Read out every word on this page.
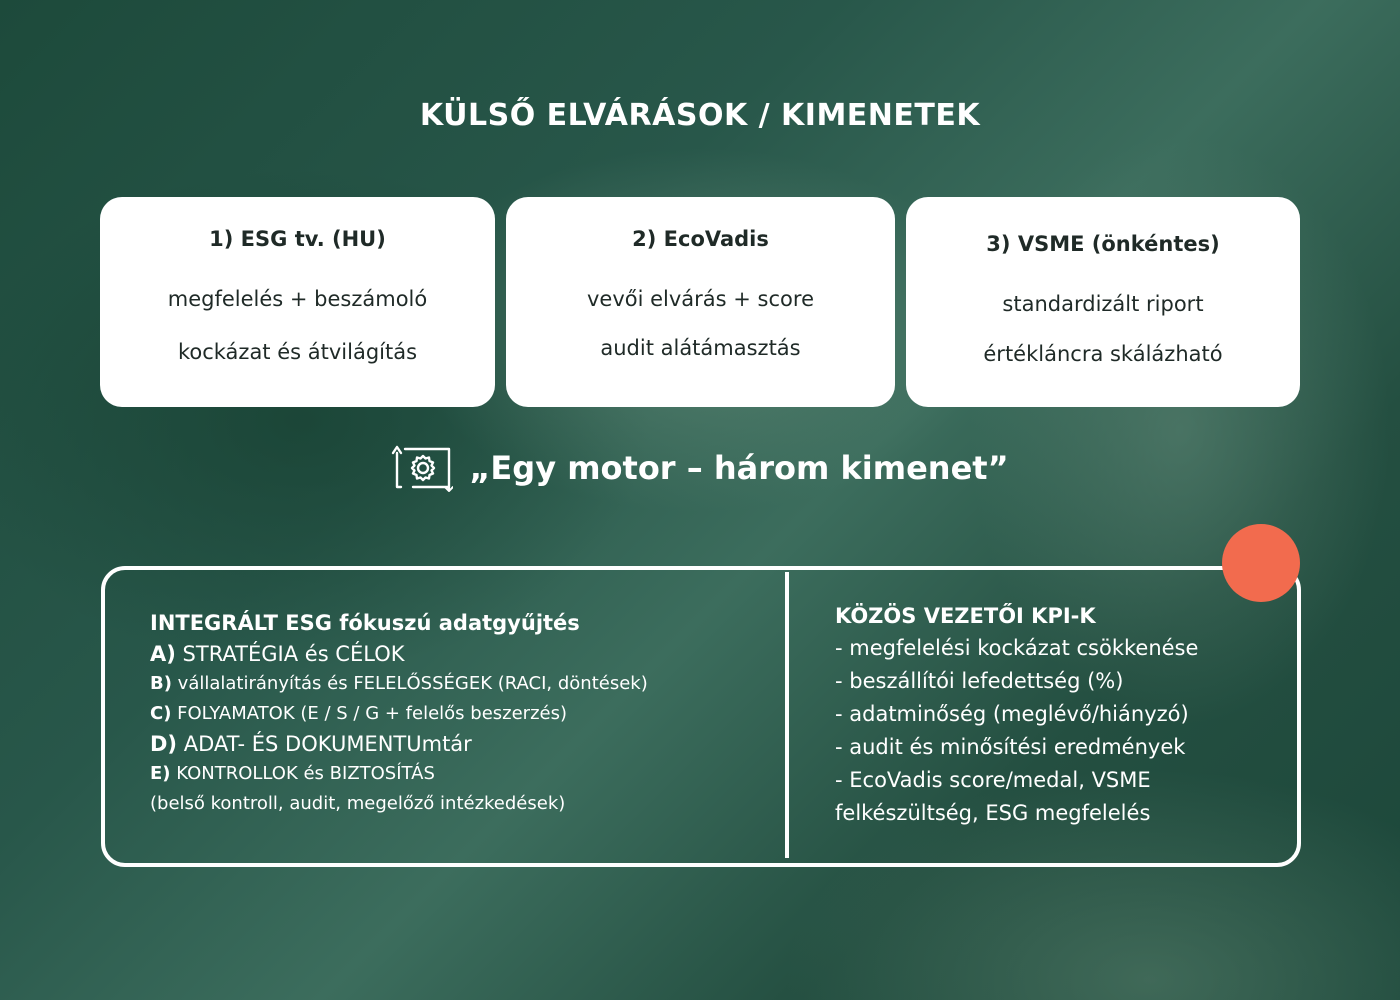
KÜLSŐ ELVÁRÁSOK / KIMENETEK
1) ESG tv. (HU)

megfelelés + beszámoló

kockázat és átvilágítás

2) EcoVadis

vevői elvárás + score

audit alátámasztás

3) VSME (önkéntes)

standardizált riport

értékláncra skálázható

„Egy motor – három kimenet”
INTEGRÁLT ESG fókuszú adatgyűjtés
A) STRATÉGIA és CÉLOK
B) vállalatirányítás és FELELŐSSÉGEK (RACI, döntések)
C) FOLYAMATOK (E / S / G + felelős beszerzés)
D) ADAT- ÉS DOKUMENTUmtár
E) KONTROLLOK és BIZTOSÍTÁS
(belső kontroll, audit, megelőző intézkedések)
KÖZÖS VEZETŐI KPI-K
- megfelelési kockázat csökkenése
- beszállítói lefedettség (%)
- adatminőség (meglévő/hiányzó)
- audit és minősítési eredmények
- EcoVadis score/medal, VSME
felkészültség, ESG megfelelés
